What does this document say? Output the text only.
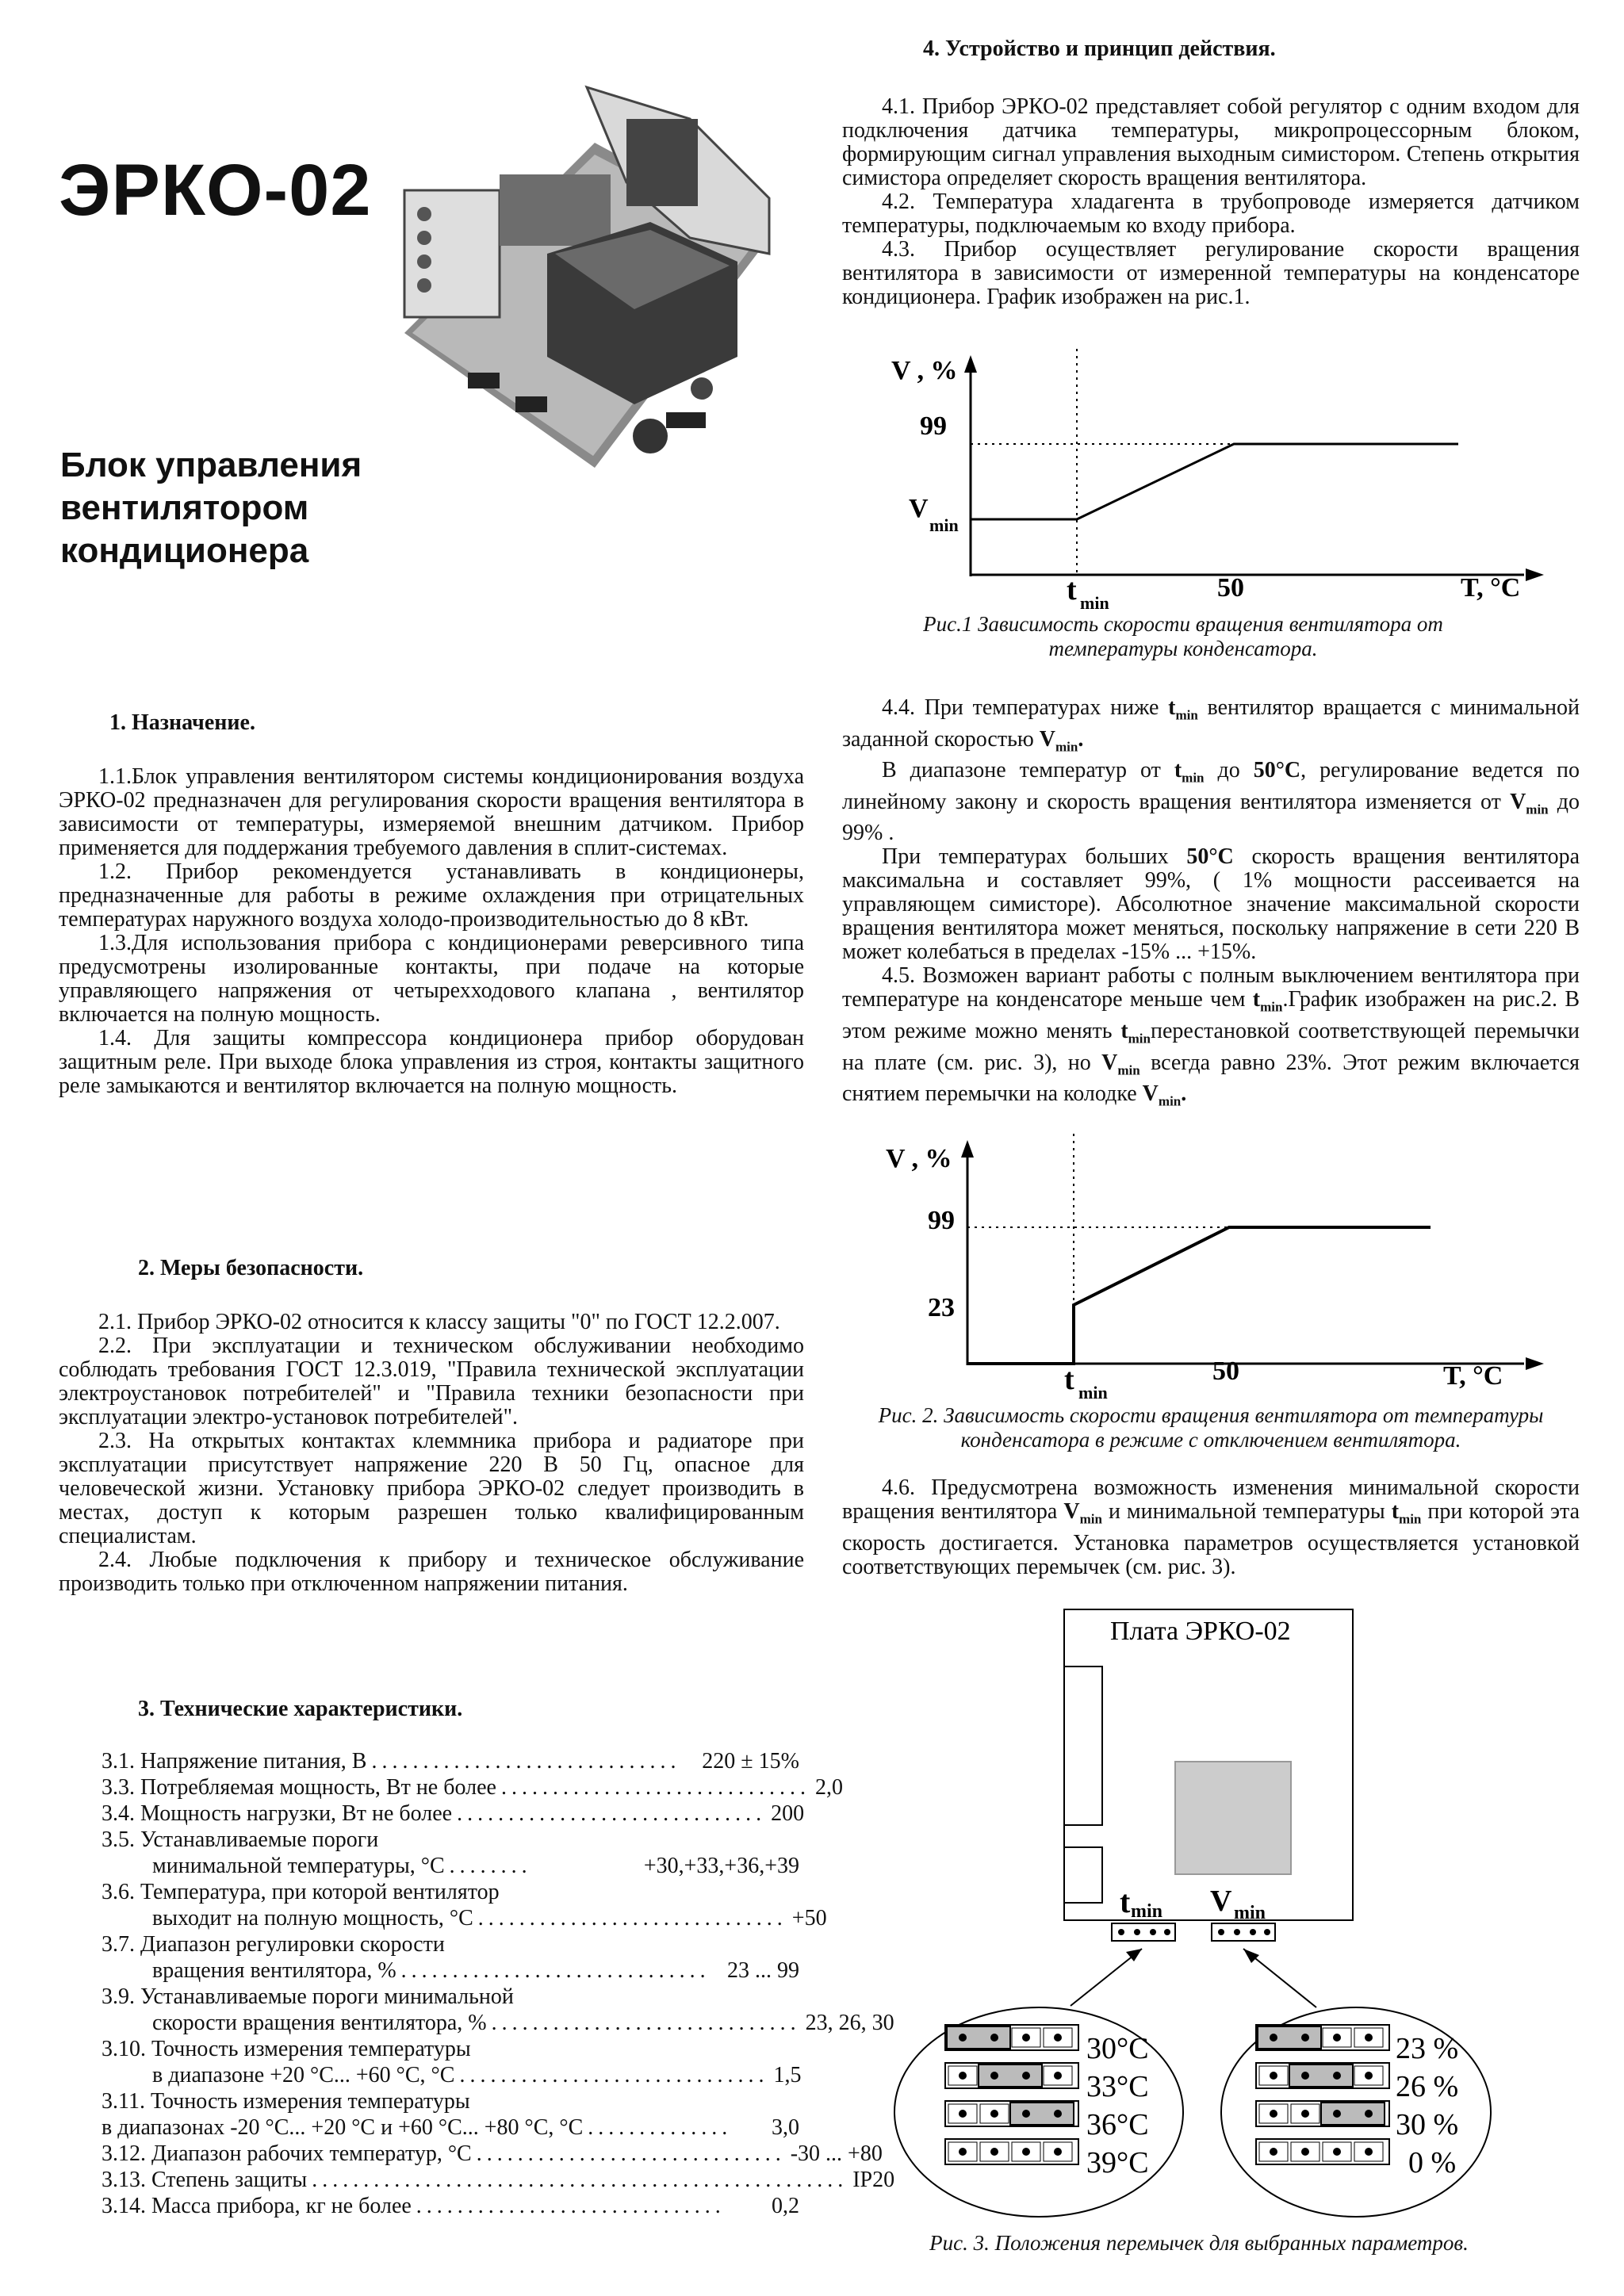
ЭРКО-02
Блок управления
вентилятором
кондиционера
1. Назначение.

1.1.Блок управления вентилятором системы кондиционирования воздуха ЭРКО-02 предназначен для регулирования скорости вращения вентилятора в зависимости от температуры, измеряемой внешним датчиком. Прибор применяется для поддержания требуемого давления в сплит-системах.

1.2. Прибор рекомендуется устанавливать в кондиционеры, предназначенные для работы в режиме охлаждения при отрицательных температурах наружного воздуха холодо-производительностью до 8 кВт.

1.3.Для использования прибора с кондиционерами реверсивного типа предусмотрены изолированные контакты, при подаче на которые управляющего напряжения от четырехходового клапана , вентилятор включается на полную мощность.

1.4. Для защиты компрессора кондиционера прибор оборудован защитным реле. При выходе блока управления из строя, контакты защитного реле замыкаются и вентилятор включается на полную мощность.

2. Меры безопасности.

2.1. Прибор ЭРКО-02 относится к классу защиты "0" по ГОСТ 12.2.007.

2.2. При эксплуатации и техническом обслуживании необходимо соблюдать требования ГОСТ 12.3.019, "Правила технической эксплуатации электроустановок потребителей" и "Правила техники безопасности при эксплуатации электро-установок потребителей".

2.3. На открытых контактах клеммника прибора и радиаторе при эксплуатации присутствует напряжение 220 В 50 Гц, опасное для человеческой жизни. Установку прибора ЭРКО-02 следует производить в местах, доступ к которым разрешен только квалифицированным специалистам.

2.4. Любые подключения к прибору и техническое обслуживание производить только при отключенном напряжении питания.

3. Технические характеристики.
3.1. Напряжение питания, В .............................. 220 ± 15%
3.3. Потребляемая мощность, Вт не более .............................. 2,0
3.4. Мощность нагрузки, Вт не более .............................. 200
3.5. Устанавливаемые пороги
минимальной температуры, °С ........	+30,+33,+36,+39
3.6. Температура, при которой вентилятор
выходит на полную мощность, °С .............................. +50
3.7. Диапазон регулировки скорости
вращения вентилятора, % .............................. 23 ... 99
3.9. Устанавливаемые пороги минимальной
скорости вращения вентилятора, % .............................. 23, 26, 30
3.10. Точность измерения температуры
в диапазоне +20 °С... +60 °С, °С .............................. 1,5
3.11. Точность измерения температуры
в диапазонах -20 °С... +20 °С и +60 °С... +80 °С, °С ..............	3,0
3.12. Диапазон рабочих температур, °С .............................. -30 ... +80
3.13. Степень защиты .................................................... IP20
3.14. Масса прибора, кг не более ..............................	0,2
4. Устройство и принцип действия.

4.1. Прибор ЭРКО-02 представляет собой регулятор с одним входом для подключения датчика температуры, микропроцессорным блоком, формирующим сигнал управления выходным симистором. Степень открытия симистора определяет скорость вращения вентилятора.

4.2. Температура хладагента в трубопроводе измеряется датчиком температуры, подключаемым ко входу прибора.

4.3. Прибор осуществляет регулирование скорости вращения вентилятора в зависимости от измеренной температуры на конденсаторе кондиционера. График изображен на рис.1.

V , %
99
V
min
t min
50	T, °C
Рис.1 Зависимость скорости вращения вентилятора от температуры конденсатора.

4.4. При температурах ниже $t_{min}$ вентилятор вращается с минимальной заданной скоростью $V_{min}$.

В диапазоне температур от $t_{min}$ до 50°С, регулирование ведется по линейному закону и скорость вращения вентилятора изменяется от $V_{min}$ до 99% .

При температурах больших 50°С скорость вращения вентилятора максимальна и составляет 99%, ( 1% мощности рассеивается на управляющем симисторе). Абсолютное значение максимальной скорости вращения вентилятора может меняться, поскольку напряжение в сети 220 В может колебаться в пределах -15% ... +15%.

4.5. Возможен вариант работы с полным выключением вентилятора при температуре на конденсаторе меньше чем $t_{min}.График$ изображен на рис.2. В этом режиме можно менять $t_{min}перестановкой$ соответствующей перемычки на плате (см. рис. 3), но $V_{min}$ всегда равно 23%. Этот режим включается снятием перемычки на колодке $V_{min}$.

V , %
99
23
t min
50	T, °C
Рис. 2. Зависимость скорости вращения вентилятора от температуры конденсатора в режиме с отключением вентилятора.

4.6. Предусмотрена возможность изменения минимальной скорости вращения вентилятора $V_{min}$ и минимальной температуры $t_{min}$ при которой эта скорость достигается. Установка параметров осуществляется установкой соответствующих перемычек (см. рис. 3).

Плата ЭРКО-02
t min V min
30°C
33°C
36°C
39°C
23 %
26 %
30 %
0 %
Рис. 3. Положения перемычек для выбранных параметров.
